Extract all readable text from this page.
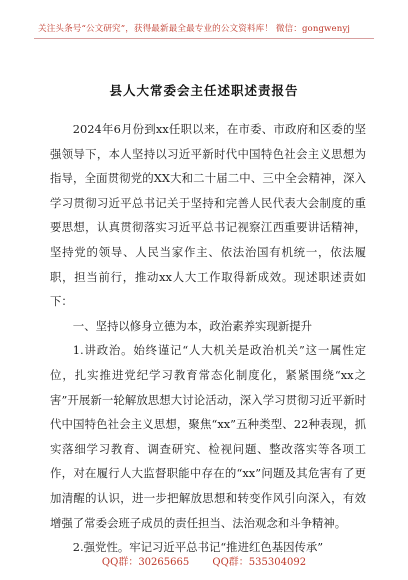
关注头条号“公文研究”，获得最新最全最专业的公文资料库！ 微信：gongwenyj
县人大常委会主任述职述责报告

2024年6月份到xx任职以来，在市委、市政府和区委的坚强领导下，本人坚持以习近平新时代中国特色社会主义思想为指导，全面贯彻党的XX大和二十届二中、三中全会精神，深入学习贯彻习近平总书记关于坚持和完善人民代表大会制度的重要思想，认真贯彻落实习近平总书记视察江西重要讲话精神，坚持党的领导、人民当家作主、依法治国有机统一，依法履职，担当前行，推动xx人大工作取得新成效。现述职述责如下：

一、坚持以修身立德为本，政治素养实现新提升

1.讲政治。始终谨记“人大机关是政治机关”这一属性定位，扎实推进党纪学习教育常态化制度化，紧紧围绕“xx之害”开展新一轮解放思想大讨论活动，深入学习贯彻习近平新时代中国特色社会主义思想，聚焦“xx”五种类型、22种表现，抓实落细学习教育、调查研究、检视问题、整改落实等各项工作，对在履行人大监督职能中存在的“xx”问题及其危害有了更加清醒的认识，进一步把解放思想和转变作风引向深入，有效增强了常委会班子成员的责任担当、法治观念和斗争精神。

2.强党性。牢记习近平总书记“推进红色基因传承”

QQ群：30265665 QQ群：535304092
